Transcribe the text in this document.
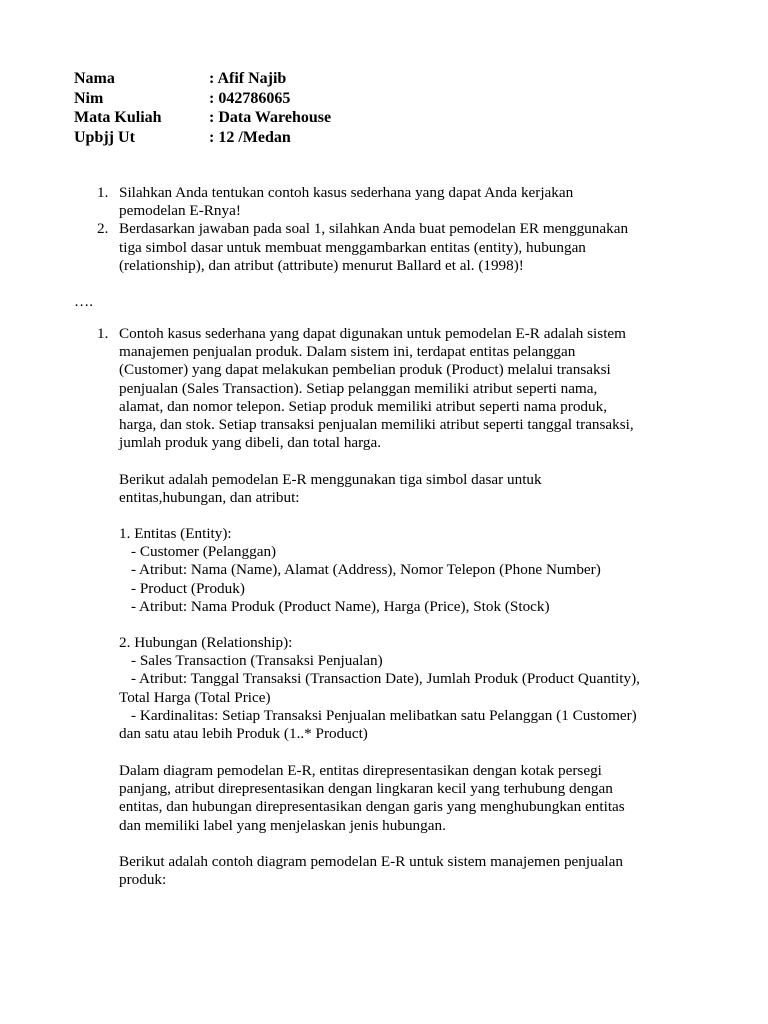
Nama	: Afif Najib
Nim	: 042786065
Mata Kuliah	: Data Warehouse
Upbjj Ut	: 12 /Medan
1. Silahkan Anda tentukan contoh kasus sederhana yang dapat Anda kerjakan
pemodelan E-Rnya!
2. Berdasarkan jawaban pada soal 1, silahkan Anda buat pemodelan ER menggunakan
tiga simbol dasar untuk membuat menggambarkan entitas (entity), hubungan
(relationship), dan atribut (attribute) menurut Ballard et al. (1998)!
….
1. Contoh kasus sederhana yang dapat digunakan untuk pemodelan E-R adalah sistem
manajemen penjualan produk. Dalam sistem ini, terdapat entitas pelanggan
(Customer) yang dapat melakukan pembelian produk (Product) melalui transaksi
penjualan (Sales Transaction). Setiap pelanggan memiliki atribut seperti nama,
alamat, dan nomor telepon. Setiap produk memiliki atribut seperti nama produk,
harga, dan stok. Setiap transaksi penjualan memiliki atribut seperti tanggal transaksi,
jumlah produk yang dibeli, dan total harga.
Berikut adalah pemodelan E-R menggunakan tiga simbol dasar untuk
entitas,hubungan, dan atribut:
1. Entitas (Entity):
- Customer (Pelanggan)
- Atribut: Nama (Name), Alamat (Address), Nomor Telepon (Phone Number)
- Product (Produk)
- Atribut: Nama Produk (Product Name), Harga (Price), Stok (Stock)
2. Hubungan (Relationship):
- Sales Transaction (Transaksi Penjualan)
- Atribut: Tanggal Transaksi (Transaction Date), Jumlah Produk (Product Quantity),
Total Harga (Total Price)
- Kardinalitas: Setiap Transaksi Penjualan melibatkan satu Pelanggan (1 Customer)
dan satu atau lebih Produk (1..* Product)
Dalam diagram pemodelan E-R, entitas direpresentasikan dengan kotak persegi
panjang, atribut direpresentasikan dengan lingkaran kecil yang terhubung dengan
entitas, dan hubungan direpresentasikan dengan garis yang menghubungkan entitas
dan memiliki label yang menjelaskan jenis hubungan.
Berikut adalah contoh diagram pemodelan E-R untuk sistem manajemen penjualan
produk:
